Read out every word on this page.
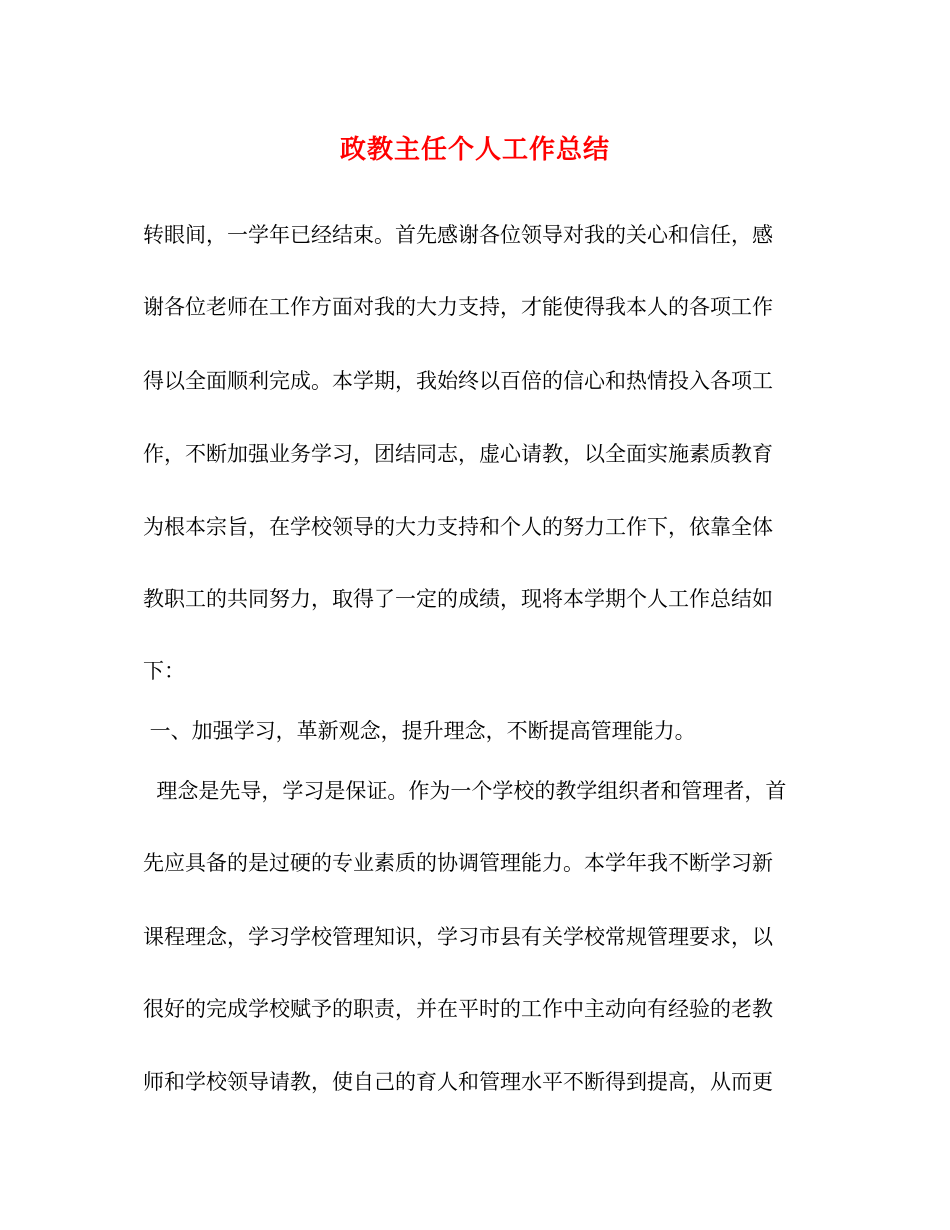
政教主任个人工作总结
转眼间，一学年已经结束。首先感谢各位领导对我的关心和信任，感
谢各位老师在工作方面对我的大力支持，才能使得我本人的各项工作
得以全面顺利完成。本学期，我始终以百倍的信心和热情投入各项工
作，不断加强业务学习，团结同志，虚心请教，以全面实施素质教育
为根本宗旨，在学校领导的大力支持和个人的努力工作下，依靠全体
教职工的共同努力，取得了一定的成绩，现将本学期个人工作总结如
下：
一、加强学习，革新观念，提升理念，不断提高管理能力。
理念是先导，学习是保证。作为一个学校的教学组织者和管理者，首
先应具备的是过硬的专业素质的协调管理能力。本学年我不断学习新
课程理念，学习学校管理知识，学习市县有关学校常规管理要求，以
很好的完成学校赋予的职责，并在平时的工作中主动向有经验的老教
师和学校领导请教，使自己的育人和管理水平不断得到提高，从而更
